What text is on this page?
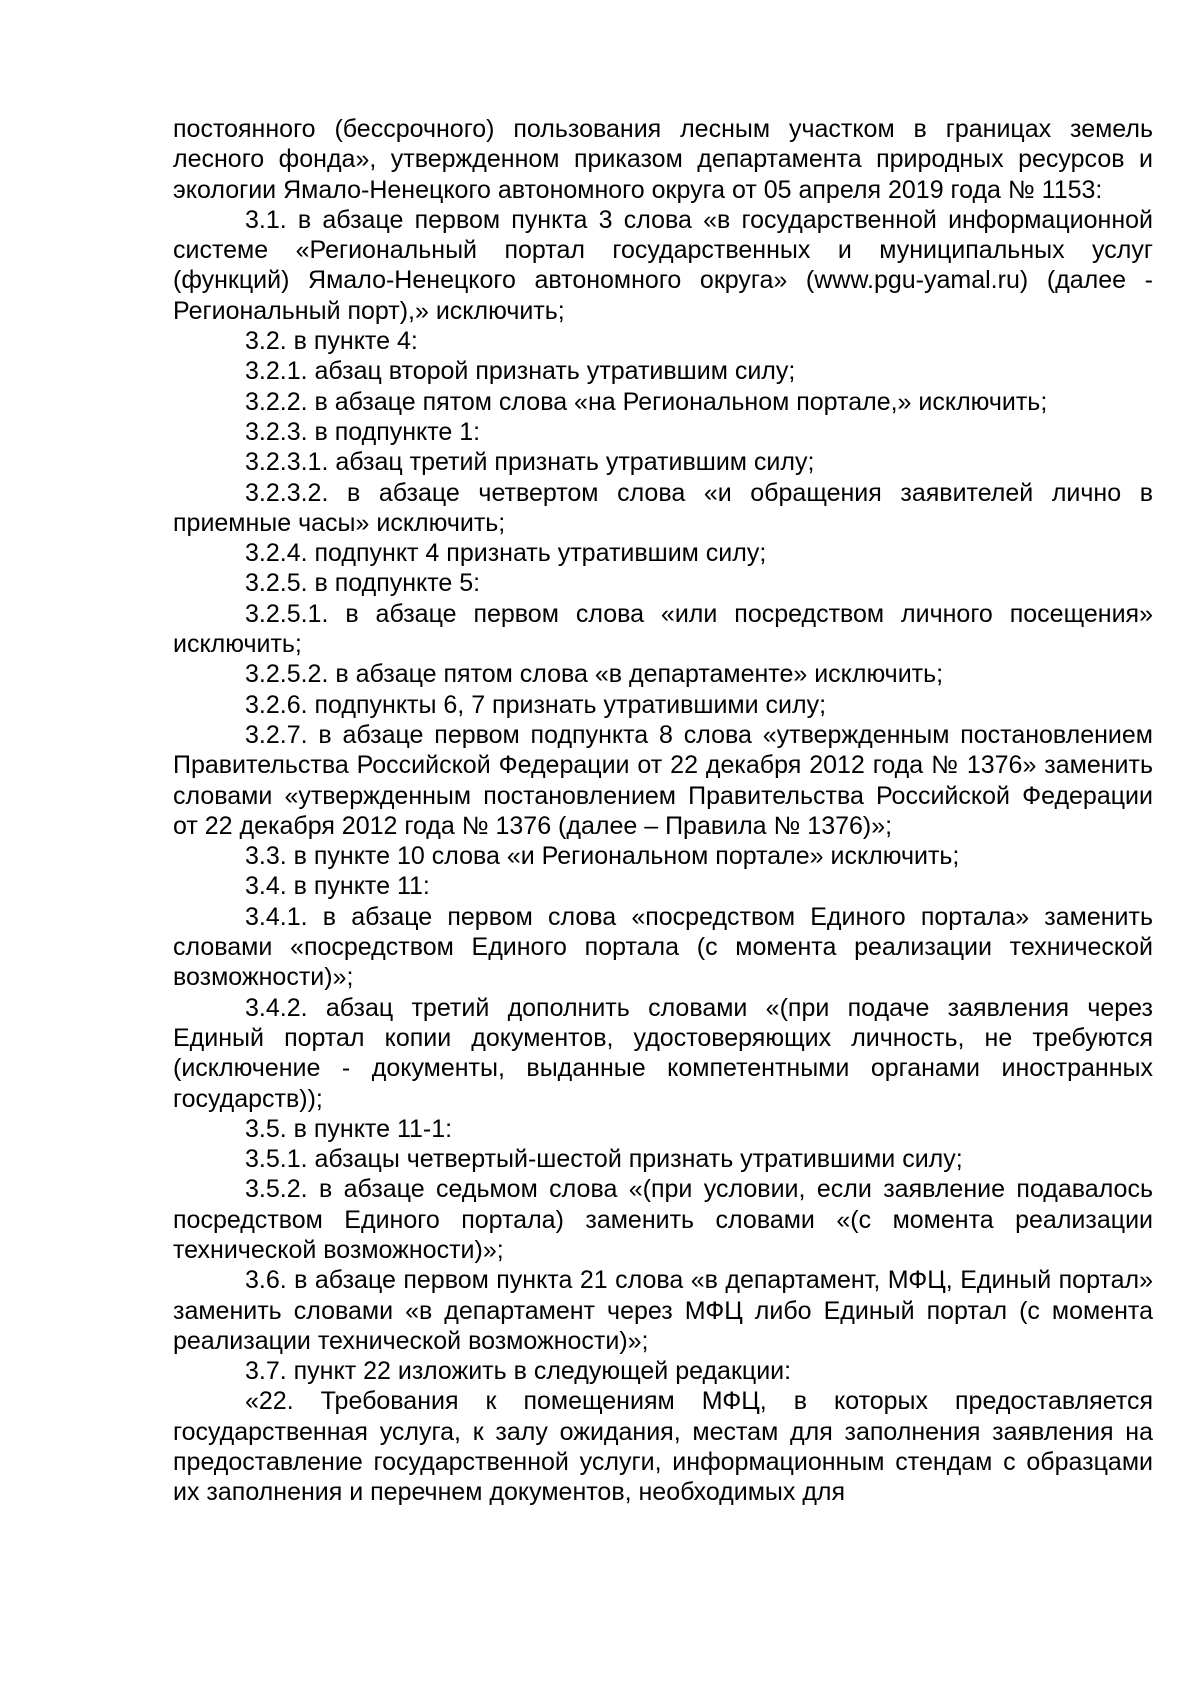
постоянного (бессрочного) пользования лесным участком в границах земель лесного фонда», утвержденном приказом департамента природных ресурсов и экологии Ямало-Ненецкого автономного округа от 05 апреля 2019 года № 1153:

3.1. в абзаце первом пункта 3 слова «в государственной информационной системе «Региональный портал государственных и муниципальных услуг (функций) Ямало-Ненецкого автономного округа» (www.pgu-yamal.ru) (далее - Региональный порт),» исключить;

3.2. в пункте 4:

3.2.1. абзац второй признать утратившим силу;

3.2.2. в абзаце пятом слова «на Региональном портале,» исключить;

3.2.3. в подпункте 1:

3.2.3.1. абзац третий признать утратившим силу;

3.2.3.2. в абзаце четвертом слова «и обращения заявителей лично в приемные часы» исключить;

3.2.4. подпункт 4 признать утратившим силу;

3.2.5. в подпункте 5:

3.2.5.1. в абзаце первом слова «или посредством личного посещения» исключить;

3.2.5.2. в абзаце пятом слова «в департаменте» исключить;

3.2.6. подпункты 6, 7 признать утратившими силу;

3.2.7. в абзаце первом подпункта 8 слова «утвержденным постановлением Правительства Российской Федерации от 22 декабря 2012 года № 1376» заменить словами «утвержденным постановлением Правительства Российской Федерации от 22 декабря 2012 года № 1376 (далее – Правила № 1376)»;

3.3. в пункте 10 слова «и Региональном портале» исключить;

3.4. в пункте 11:

3.4.1. в абзаце первом слова «посредством Единого портала» заменить словами «посредством Единого портала (с момента реализации технической возможности)»;

3.4.2. абзац третий дополнить словами «(при подаче заявления через Единый портал копии документов, удостоверяющих личность, не требуются (исключение - документы, выданные компетентными органами иностранных государств));

3.5. в пункте 11-1:

3.5.1. абзацы четвертый-шестой признать утратившими силу;

3.5.2. в абзаце седьмом слова «(при условии, если заявление подавалось посредством Единого портала) заменить словами «(с момента реализации технической возможности)»;

3.6. в абзаце первом пункта 21 слова «в департамент, МФЦ, Единый портал» заменить словами «в департамент через МФЦ либо Единый портал (с момента реализации технической возможности)»;

3.7. пункт 22 изложить в следующей редакции:

«22. Требования к помещениям МФЦ, в которых предоставляется государственная услуга, к залу ожидания, местам для заполнения заявления на предоставление государственной услуги, информационным стендам с образцами их заполнения и перечнем документов, необходимых для
